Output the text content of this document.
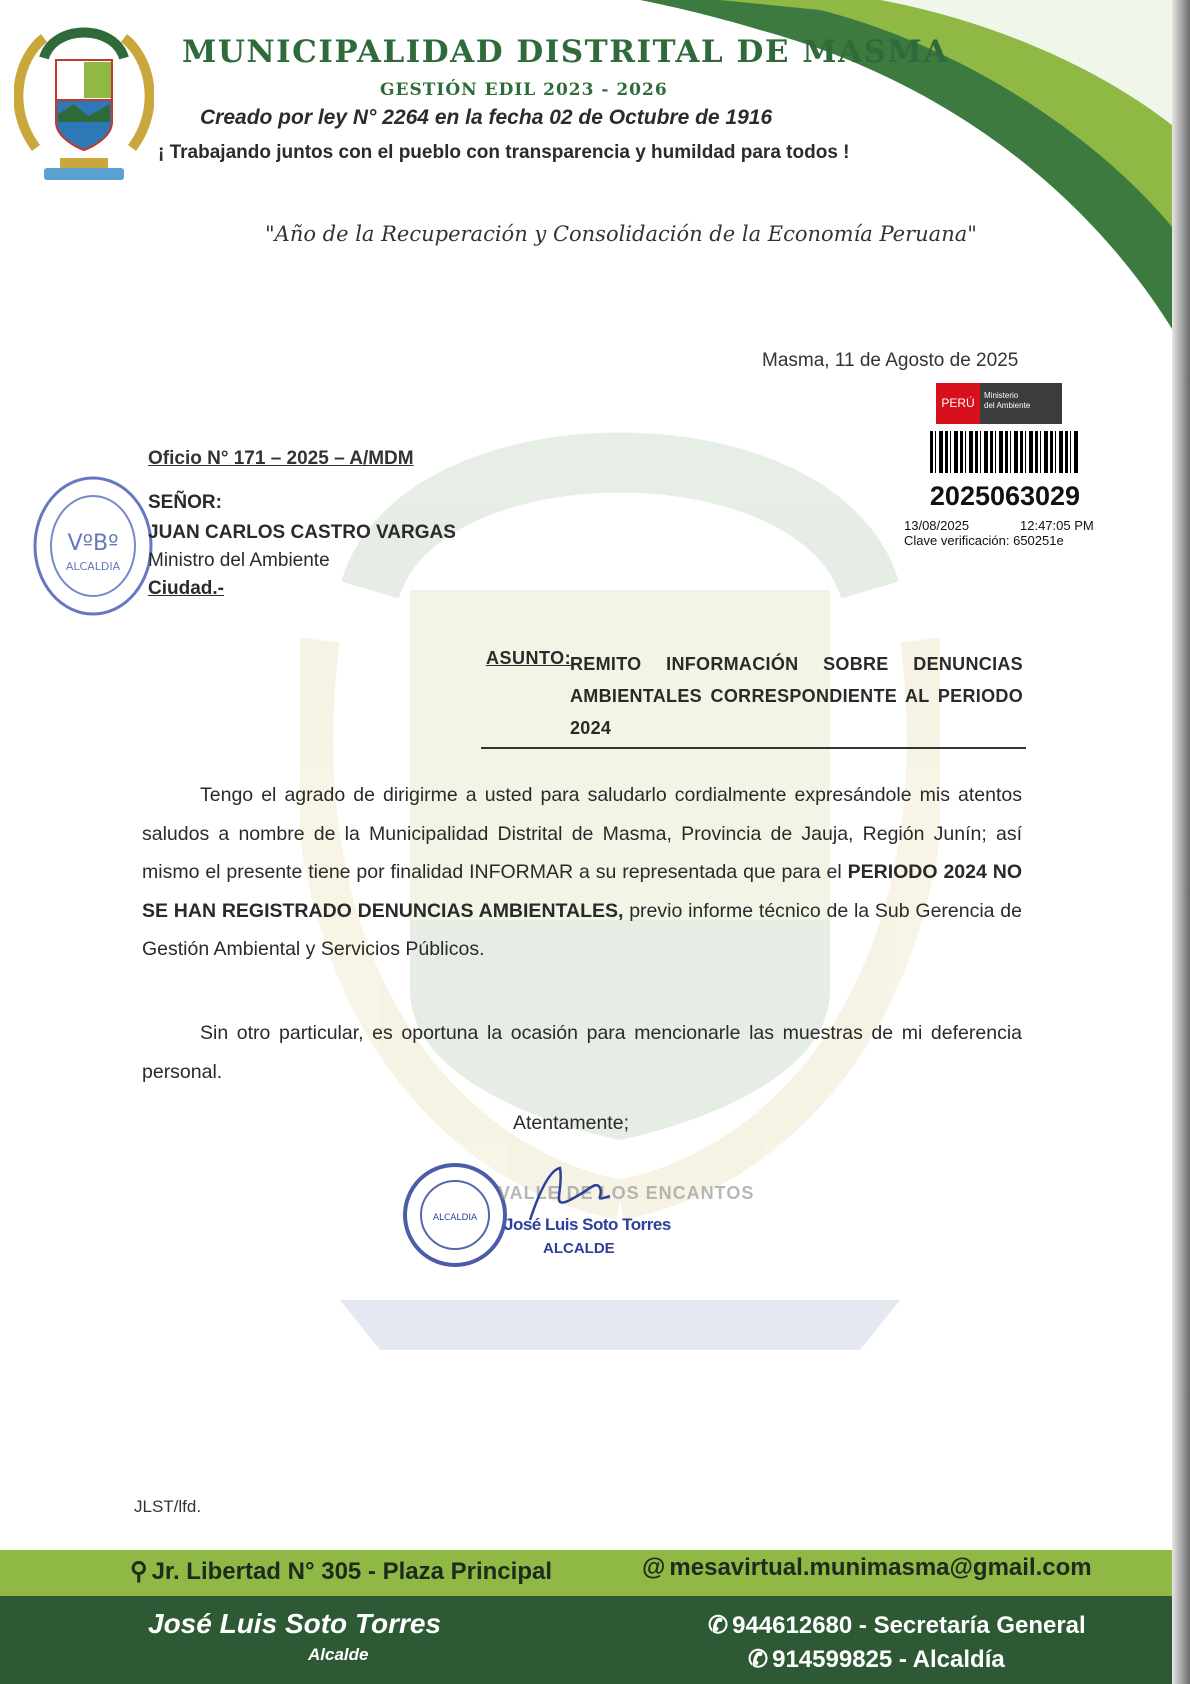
MUNICIPALIDAD DISTRITAL DE MASMA
GESTIÓN EDIL 2023 - 2026
Creado por ley N° 2264 en la fecha 02 de Octubre de 1916
¡ Trabajando juntos con el pueblo con transparencia y humildad para todos !
"Año de la Recuperación y Consolidación de la Economía Peruana"
Masma, 11 de Agosto de 2025
PERÚ
Ministerio
del Ambiente
2025063029
13/08/2025	12:47:05 PM
Clave verificación: 650251e
VºBº
ALCALDIA
Oficio N° 171 – 2025 – A/MDM
SEÑOR:
JUAN CARLOS CASTRO VARGAS
Ministro del Ambiente
Ciudad.-
ASUNTO:
REMITO INFORMACIÓN SOBRE DENUNCIAS AMBIENTALES CORRESPONDIENTE AL PERIODO 2024
Tengo el agrado de dirigirme a usted para saludarlo cordialmente expresándole mis atentos saludos a nombre de la Municipalidad Distrital de Masma, Provincia de Jauja, Región Junín; así mismo el presente tiene por finalidad INFORMAR a su representada que para el PERIODO 2024 NO SE HAN REGISTRADO DENUNCIAS AMBIENTALES, previo informe técnico de la Sub Gerencia de Gestión Ambiental y Servicios Públicos.
Sin otro particular, es oportuna la ocasión para mencionarle las muestras de mi deferencia personal.
Atentamente;
ALCALDIA
VALLE DE LOS ENCANTOS
José Luis Soto Torres
ALCALDE
JLST/lfd.
⚲ Jr. Libertad N° 305 - Plaza Principal	@ mesavirtual.munimasma@gmail.com
José Luis Soto Torres
Alcalde
✆ 944612680 - Secretaría General
✆ 914599825 - Alcaldía
